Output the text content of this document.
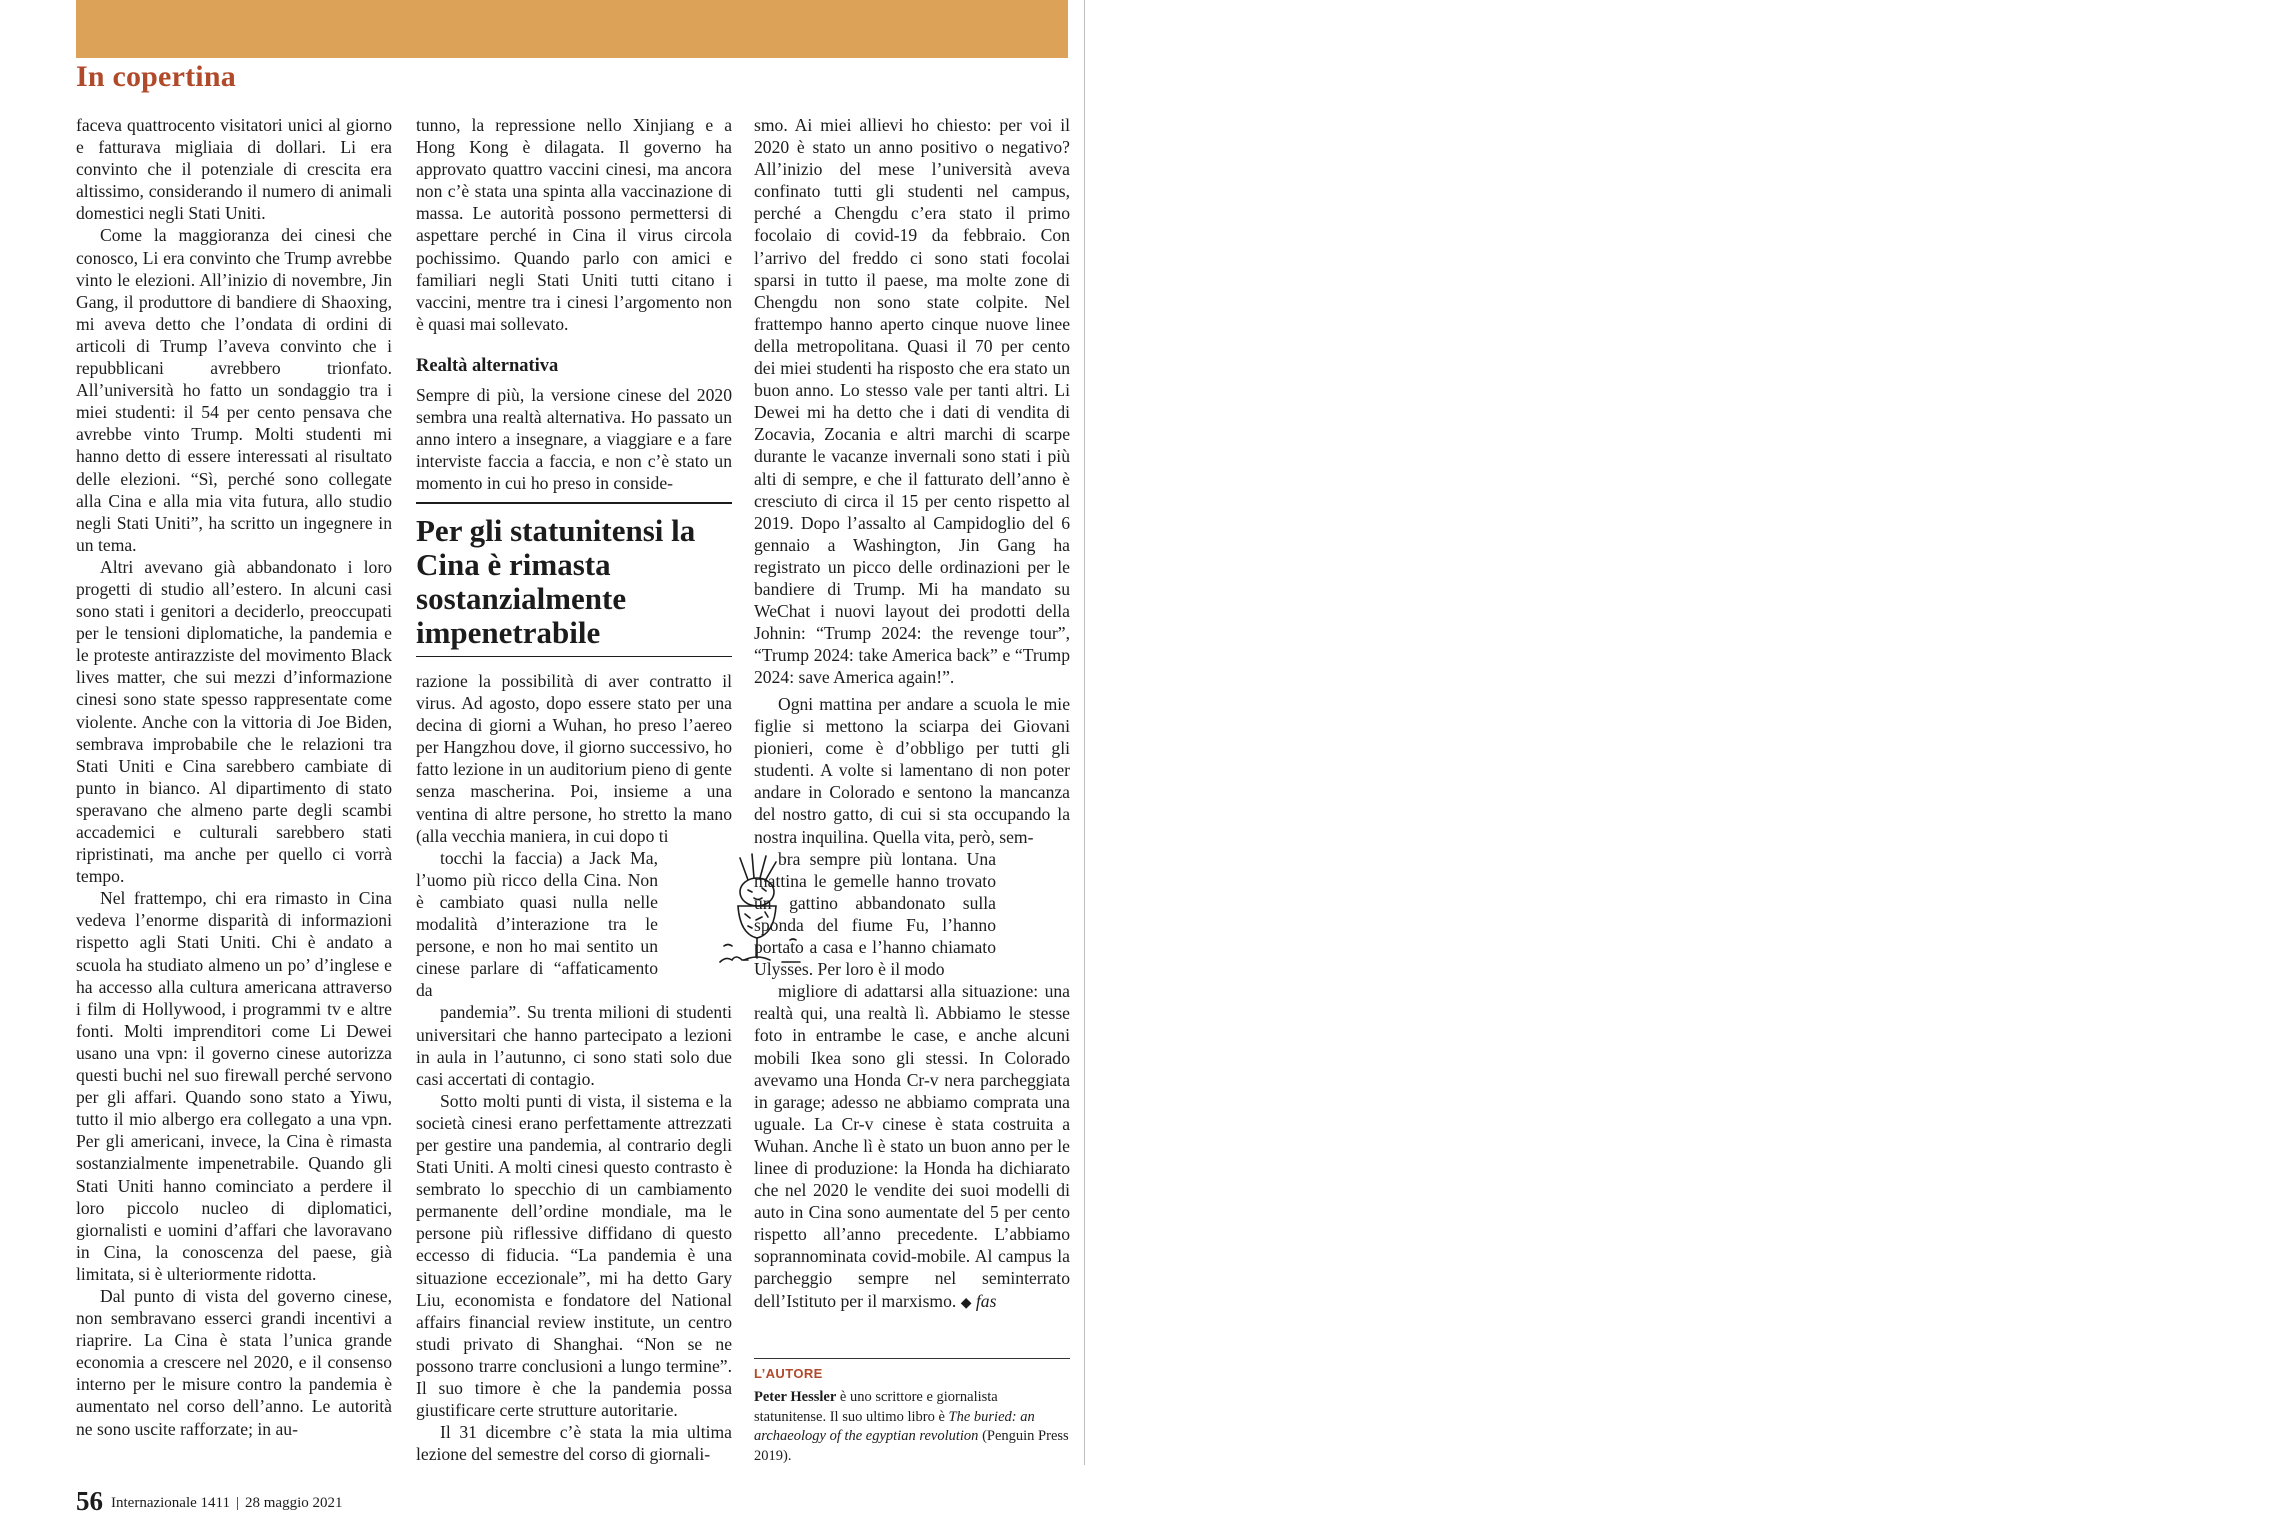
In copertina

faceva quattrocento visitatori unici al giorno e fatturava migliaia di dollari. Li era convinto che il potenziale di crescita era altissimo, considerando il numero di animali domestici negli Stati Uniti.

Come la maggioranza dei cinesi che conosco, Li era convinto che Trump avrebbe vinto le elezioni. All’inizio di novembre, Jin Gang, il produttore di bandiere di Shaoxing, mi aveva detto che l’ondata di ordini di articoli di Trump l’aveva convinto che i repubblicani avrebbero trionfato. All’università ho fatto un sondaggio tra i miei studenti: il 54 per cento pensava che avrebbe vinto Trump. Molti studenti mi hanno detto di essere interessati al risultato delle elezioni. “Sì, perché sono collegate alla Cina e alla mia vita futura, allo studio negli Stati Uniti”, ha scritto un ingegnere in un tema.

Altri avevano già abbandonato i loro progetti di studio all’estero. In alcuni casi sono stati i genitori a deciderlo, preoccupati per le tensioni diplomatiche, la pandemia e le proteste antirazziste del movimento Black lives matter, che sui mezzi d’informazione cinesi sono state spesso rappresentate come violente. Anche con la vittoria di Joe Biden, sembrava improbabile che le relazioni tra Stati Uniti e Cina sarebbero cambiate di punto in bianco. Al dipartimento di stato speravano che almeno parte degli scambi accademici e culturali sarebbero stati ripristinati, ma anche per quello ci vorrà tempo.

Nel frattempo, chi era rimasto in Cina vedeva l’enorme disparità di informazioni rispetto agli Stati Uniti. Chi è andato a scuola ha studiato almeno un po’ d’inglese e ha accesso alla cultura americana attraverso i film di Hollywood, i programmi tv e altre fonti. Molti imprenditori come Li Dewei usano una vpn: il governo cinese autorizza questi buchi nel suo firewall perché servono per gli affari. Quando sono stato a Yiwu, tutto il mio albergo era collegato a una vpn. Per gli americani, invece, la Cina è rimasta sostanzialmente impenetrabile. Quando gli Stati Uniti hanno cominciato a perdere il loro piccolo nucleo di diplomatici, giornalisti e uomini d’affari che lavoravano in Cina, la conoscenza del paese, già limitata, si è ulteriormente ridotta.

Dal punto di vista del governo cinese, non sembravano esserci grandi incentivi a riaprire. La Cina è stata l’unica grande economia a crescere nel 2020, e il consenso interno per le misure contro la pandemia è aumentato nel corso dell’anno. Le autorità ne sono uscite rafforzate; in au-

tunno, la repressione nello Xinjiang e a Hong Kong è dilagata. Il governo ha approvato quattro vaccini cinesi, ma ancora non c’è stata una spinta alla vaccinazione di massa. Le autorità possono permettersi di aspettare perché in Cina il virus circola pochissimo. Quando parlo con amici e familiari negli Stati Uniti tutti citano i vaccini, mentre tra i cinesi l’argomento non è quasi mai sollevato.

Realtà alternativa

Sempre di più, la versione cinese del 2020 sembra una realtà alternativa. Ho passato un anno intero a insegnare, a viaggiare e a fare interviste faccia a faccia, e non c’è stato un momento in cui ho preso in conside-

Per gli statunitensi la Cina è rimasta sostanzialmente impenetrabile

razione la possibilità di aver contratto il virus. Ad agosto, dopo essere stato per una decina di giorni a Wuhan, ho preso l’aereo per Hangzhou dove, il giorno successivo, ho fatto lezione in un auditorium pieno di gente senza mascherina. Poi, insieme a una ventina di altre persone, ho stretto la mano (alla vecchia maniera, in cui dopo ti

tocchi la faccia) a Jack Ma, l’uomo più ricco della Cina. Non è cambiato quasi nulla nelle modalità d’interazione tra le persone, e non ho mai sentito un cinese parlare di “affaticamento da

pandemia”. Su trenta milioni di studenti universitari che hanno partecipato a lezioni in aula in l’autunno, ci sono stati solo due casi accertati di contagio.

Sotto molti punti di vista, il sistema e la società cinesi erano perfettamente attrezzati per gestire una pandemia, al contrario degli Stati Uniti. A molti cinesi questo contrasto è sembrato lo specchio di un cambiamento permanente dell’ordine mondiale, ma le persone più riflessive diffidano di questo eccesso di fiducia. “La pandemia è una situazione eccezionale”, mi ha detto Gary Liu, economista e fondatore del National affairs financial review institute, un centro studi privato di Shanghai. “Non se ne possono trarre conclusioni a lungo termine”. Il suo timore è che la pandemia possa giustificare certe strutture autoritarie.

Il 31 dicembre c’è stata la mia ultima lezione del semestre del corso di giornali-

smo. Ai miei allievi ho chiesto: per voi il 2020 è stato un anno positivo o negativo? All’inizio del mese l’università aveva confinato tutti gli studenti nel campus, perché a Chengdu c’era stato il primo focolaio di covid-19 da febbraio. Con l’arrivo del freddo ci sono stati focolai sparsi in tutto il paese, ma molte zone di Chengdu non sono state colpite. Nel frattempo hanno aperto cinque nuove linee della metropolitana. Quasi il 70 per cento dei miei studenti ha risposto che era stato un buon anno. Lo stesso vale per tanti altri. Li Dewei mi ha detto che i dati di vendita di Zocavia, Zocania e altri marchi di scarpe durante le vacanze invernali sono stati i più alti di sempre, e che il fatturato dell’anno è cresciuto di circa il 15 per cento rispetto al 2019. Dopo l’assalto al Campidoglio del 6 gennaio a Washington, Jin Gang ha registrato un picco delle ordinazioni per le bandiere di Trump. Mi ha mandato su WeChat i nuovi layout dei prodotti della Johnin: “Trump 2024: the revenge tour”, “Trump 2024: take America back” e “Trump 2024: save America again!”.

Ogni mattina per andare a scuola le mie figlie si mettono la sciarpa dei Giovani pionieri, come è d’obbligo per tutti gli studenti. A volte si lamentano di non poter andare in Colorado e sentono la mancanza del nostro gatto, di cui si sta occupando la nostra inquilina. Quella vita, però, sem-

bra sempre più lontana. Una mattina le gemelle hanno trovato un gattino abbandonato sulla sponda del fiume Fu, l’hanno portato a casa e l’hanno chiamato Ulysses. Per loro è il modo

migliore di adattarsi alla situazione: una realtà qui, una realtà lì. Abbiamo le stesse foto in entrambe le case, e anche alcuni mobili Ikea sono gli stessi. In Colorado avevamo una Honda Cr-v nera parcheggiata in garage; adesso ne abbiamo comprata una uguale. La Cr-v cinese è stata costruita a Wuhan. Anche lì è stato un buon anno per le linee di produzione: la Honda ha dichiarato che nel 2020 le vendite dei suoi modelli di auto in Cina sono aumentate del 5 per cento rispetto all’anno precedente. L’abbiamo soprannominata covid-mobile. Al campus la parcheggio sempre nel seminterrato dell’Istituto per il marxismo. ◆ fas

L’AUTORE
Peter Hessler è uno scrittore e giornalista statunitense. Il suo ultimo libro è The buried: an archaeology of the egyptian revolution (Penguin Press 2019).
56 Internazionale 1411 | 28 maggio 2021
